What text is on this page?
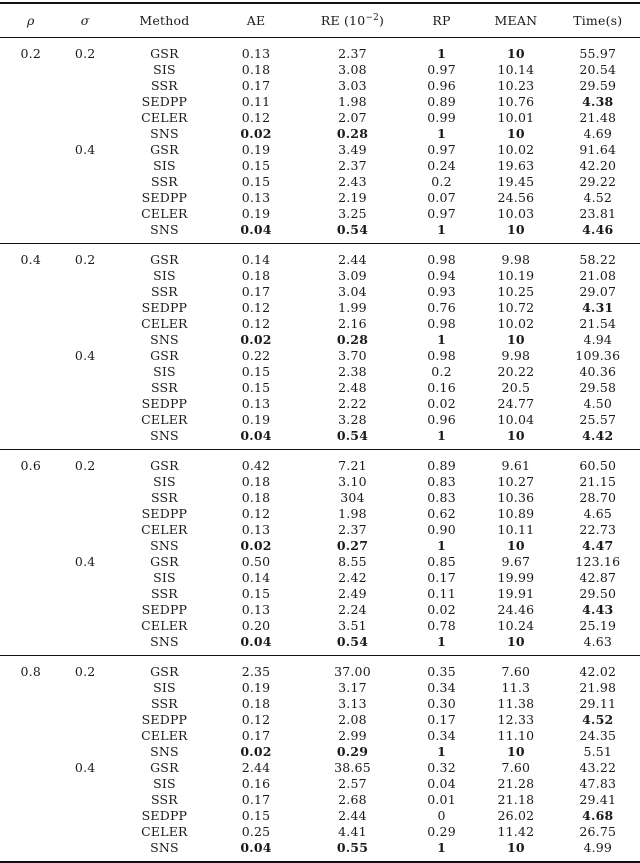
ρ	σ	Method	AE	RE $(10^{-2})$	RP	MEAN	Time(s)
0.2	0.2	GSR	0.13	2.37	1	10	55.97
		SIS	0.18	3.08	0.97	10.14	20.54
		SSR	0.17	3.03	0.96	10.23	29.59
		SEDPP	0.11	1.98	0.89	10.76	4.38
		CELER	0.12	2.07	0.99	10.01	21.48
		SNS	0.02	0.28	1	10	4.69
	0.4	GSR	0.19	3.49	0.97	10.02	91.64
		SIS	0.15	2.37	0.24	19.63	42.20
		SSR	0.15	2.43	0.2	19.45	29.22
		SEDPP	0.13	2.19	0.07	24.56	4.52
		CELER	0.19	3.25	0.97	10.03	23.81
		SNS	0.04	0.54	1	10	4.46
0.4	0.2	GSR	0.14	2.44	0.98	9.98	58.22
		SIS	0.18	3.09	0.94	10.19	21.08
		SSR	0.17	3.04	0.93	10.25	29.07
		SEDPP	0.12	1.99	0.76	10.72	4.31
		CELER	0.12	2.16	0.98	10.02	21.54
		SNS	0.02	0.28	1	10	4.94
	0.4	GSR	0.22	3.70	0.98	9.98	109.36
		SIS	0.15	2.38	0.2	20.22	40.36
		SSR	0.15	2.48	0.16	20.5	29.58
		SEDPP	0.13	2.22	0.02	24.77	4.50
		CELER	0.19	3.28	0.96	10.04	25.57
		SNS	0.04	0.54	1	10	4.42
0.6	0.2	GSR	0.42	7.21	0.89	9.61	60.50
		SIS	0.18	3.10	0.83	10.27	21.15
		SSR	0.18	304	0.83	10.36	28.70
		SEDPP	0.12	1.98	0.62	10.89	4.65
		CELER	0.13	2.37	0.90	10.11	22.73
		SNS	0.02	0.27	1	10	4.47
	0.4	GSR	0.50	8.55	0.85	9.67	123.16
		SIS	0.14	2.42	0.17	19.99	42.87
		SSR	0.15	2.49	0.11	19.91	29.50
		SEDPP	0.13	2.24	0.02	24.46	4.43
		CELER	0.20	3.51	0.78	10.24	25.19
		SNS	0.04	0.54	1	10	4.63
0.8	0.2	GSR	2.35	37.00	0.35	7.60	42.02
		SIS	0.19	3.17	0.34	11.3	21.98
		SSR	0.18	3.13	0.30	11.38	29.11
		SEDPP	0.12	2.08	0.17	12.33	4.52
		CELER	0.17	2.99	0.34	11.10	24.35
		SNS	0.02	0.29	1	10	5.51
	0.4	GSR	2.44	38.65	0.32	7.60	43.22
		SIS	0.16	2.57	0.04	21.28	47.83
		SSR	0.17	2.68	0.01	21.18	29.41
		SEDPP	0.15	2.44	0	26.02	4.68
		CELER	0.25	4.41	0.29	11.42	26.75
		SNS	0.04	0.55	1	10	4.99
